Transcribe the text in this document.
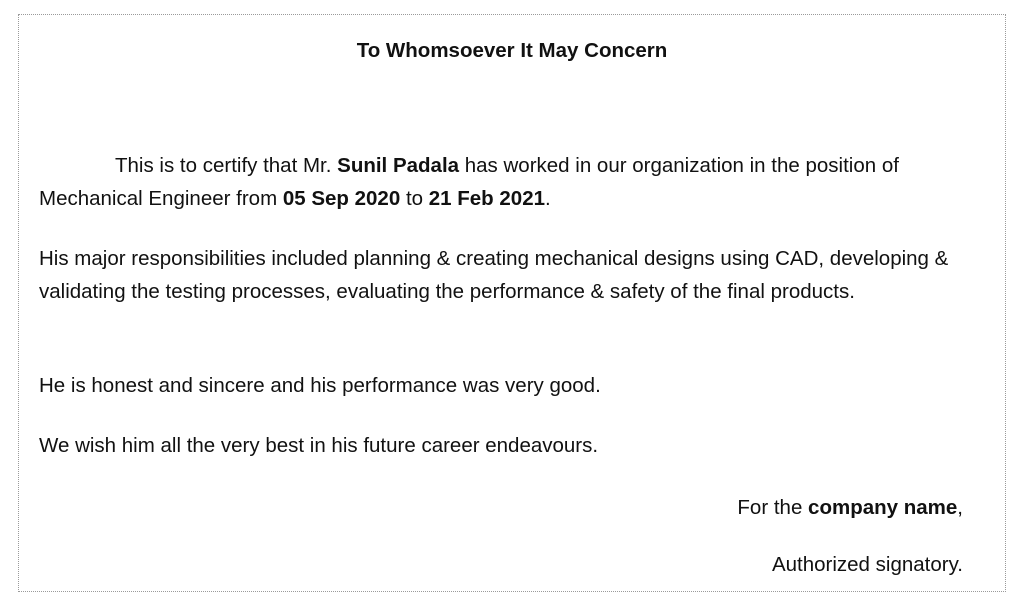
To Whomsoever It May Concern

This is to certify that Mr. Sunil Padala has worked in our organization in the position of Mechanical Engineer from 05 Sep 2020 to 21 Feb 2021.

His major responsibilities included planning & creating mechanical designs using CAD, developing & validating the testing processes, evaluating the performance & safety of the final products.

He is honest and sincere and his performance was very good.

We wish him all the very best in his future career endeavours.

For the company name,

Authorized signatory.
